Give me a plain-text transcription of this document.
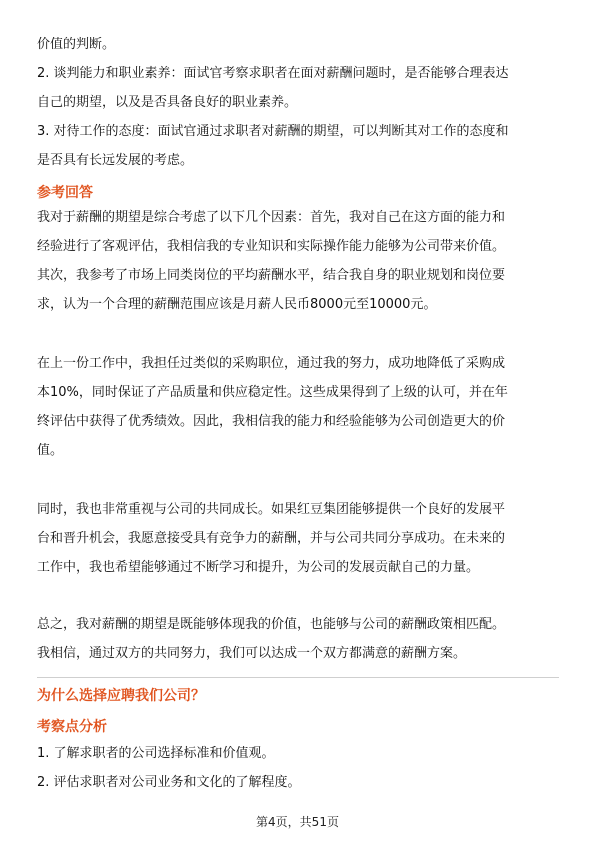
价值的判断。
2. 谈判能力和职业素养：面试官考察求职者在面对薪酬问题时，是否能够合理表达
自己的期望，以及是否具备良好的职业素养。
3. 对待工作的态度：面试官通过求职者对薪酬的期望，可以判断其对工作的态度和
是否具有长远发展的考虑。
参考回答
我对于薪酬的期望是综合考虑了以下几个因素：首先，我对自己在这方面的能力和
经验进行了客观评估，我相信我的专业知识和实际操作能力能够为公司带来价值。
其次，我参考了市场上同类岗位的平均薪酬水平，结合我自身的职业规划和岗位要
求，认为一个合理的薪酬范围应该是月薪人民币8000元至10000元。
在上一份工作中，我担任过类似的采购职位，通过我的努力，成功地降低了采购成
本10%，同时保证了产品质量和供应稳定性。这些成果得到了上级的认可，并在年
终评估中获得了优秀绩效。因此，我相信我的能力和经验能够为公司创造更大的价
值。
同时，我也非常重视与公司的共同成长。如果红豆集团能够提供一个良好的发展平
台和晋升机会，我愿意接受具有竞争力的薪酬，并与公司共同分享成功。在未来的
工作中，我也希望能够通过不断学习和提升，为公司的发展贡献自己的力量。
总之，我对薪酬的期望是既能够体现我的价值，也能够与公司的薪酬政策相匹配。
我相信，通过双方的共同努力，我们可以达成一个双方都满意的薪酬方案。
为什么选择应聘我们公司？
考察点分析
1. 了解求职者的公司选择标准和价值观。
2. 评估求职者对公司业务和文化的了解程度。
第4页，共51页
